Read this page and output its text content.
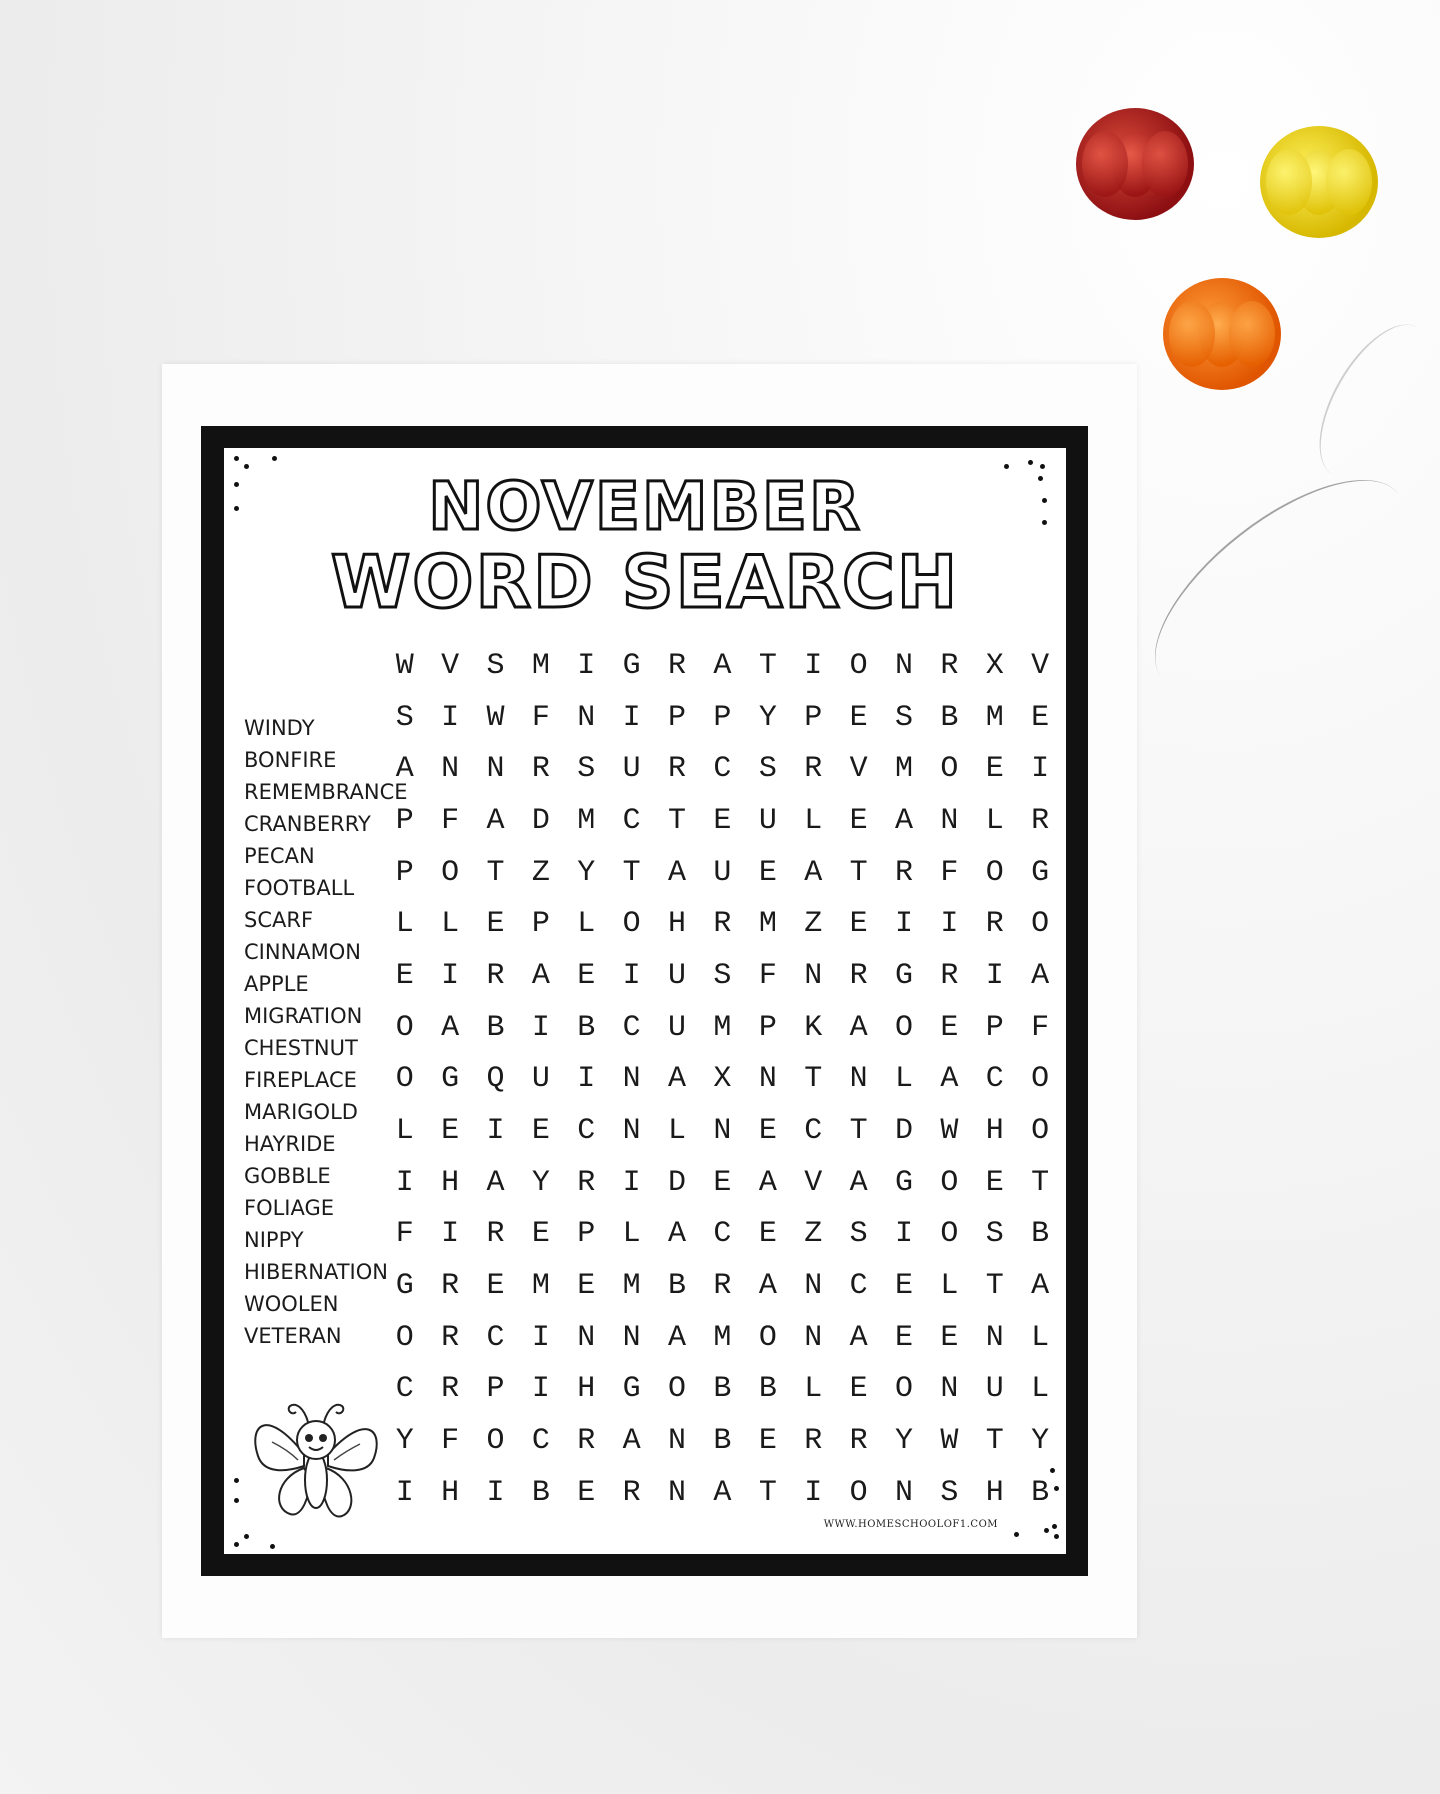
NOVEMBER
WORD SEARCH
WINDY
BONFIRE
REMEMBRANCE
CRANBERRY
PECAN
FOOTBALL
SCARF
CINNAMON
APPLE
MIGRATION
CHESTNUT
FIREPLACE
MARIGOLD
HAYRIDE
GOBBLE
FOLIAGE
NIPPY
HIBERNATION
WOOLEN
VETERAN
W V S M I G R A T I O N R X V
S I W F N I P P Y P E S B M E
A N N R S U R C S R V M O E I
P F A D M C T E U L E A N L R
P O T Z Y T A U E A T R F O G
L L E P L O H R M Z E I I R O
E I R A E I U S F N R G R I A
O A B I B C U M P K A O E P F
O G Q U I N A X N T N L A C O
L E I E C N L N E C T D W H O
I H A Y R I D E A V A G O E T
F I R E P L A C E Z S I O S B
G R E M E M B R A N C E L T A
O R C I N N A M O N A E E N L
C R P I H G O B B L E O N U L
Y F O C R A N B E R R Y W T Y
I H I B E R N A T I O N S H B
WWW.HOMESCHOOLOF1.COM
